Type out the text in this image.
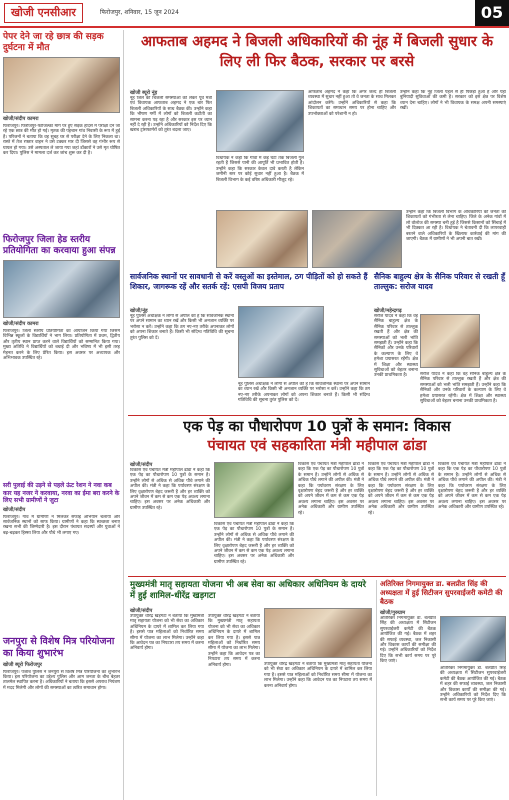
खोजी एनसीआर	फिरोजपुर, शनिवार, 15 जून 2024	05
पेपर देने जा रहे छात्र की सड़क दुर्घटना में मौत
खोजी/संदीप कामरा
फिरोजपुर। फिरोजपुर-फाजिल्का मार्ग पर हुए सड़क हादसे में परीक्षा देने जा रहे एक छात्र की मौत हो गई। मृतक की पहचान गांव निवासी के रूप में हुई है। परिजनों ने बताया कि वह सुबह घर से परीक्षा देने के लिए निकला था। रास्ते में तेज रफ्तार वाहन ने उसे टक्कर मार दी जिससे वह गंभीर रूप से घायल हो गया। उसे अस्पताल ले जाया गया जहां डॉक्टरों ने उसे मृत घोषित कर दिया। पुलिस ने मामला दर्ज कर जांच शुरू कर दी है।
फिरोजपुर जिला हेड स्तरीय प्रतियोगिता का करवाया हुआ संपन्न
खोजी/संदीप कामरा
फिरोजपुर। जिला स्तरीय प्रतियोगिता का आयोजन किया गया जिसमें विभिन्न स्कूलों के विद्यार्थियों ने भाग लिया। प्रतियोगिता में प्रथम, द्वितीय और तृतीय स्थान प्राप्त करने वाले विद्यार्थियों को सम्मानित किया गया। मुख्य अतिथि ने विद्यार्थियों को बधाई दी और भविष्य में भी इसी तरह मेहनत करने के लिए प्रेरित किया। इस अवसर पर अध्यापक और अभिभावक उपस्थित रहे।
सरी पुलाई की उड़ने से पहले ऊंट रेशन ने नवा कब कार यह नजर ने करवाया, नरवा का ईमा बरा करने के लिए सभी ग्रामीणों ने जुटा
खोजी/संदीप
फिरोजपुर। गांव में ग्रामीणों ने मिलकर सफाई अभियान चलाया और सार्वजनिक स्थानों को साफ किया। ग्रामीणों ने कहा कि स्वच्छता बनाए रखना सभी की जिम्मेदारी है। इस दौरान पंचायत सदस्यों और युवाओं ने बढ़-चढ़कर हिस्सा लिया और पौधे भी लगाए गए।
जनपुरा से विशेष मित्र परियोजना का किया शुभारंभ
खोजी ब्यूरो फिरोजपुर
फिरोजपुर। पंजाब पुलिस ने जनपुरा से विशेष मित्र परियोजना का शुभारंभ किया। इस परियोजना का उद्देश्य पुलिस और आम जनता के बीच बेहतर तालमेल स्थापित करना है। अधिकारियों ने बताया कि इससे अपराध नियंत्रण में मदद मिलेगी और लोगों की समस्याओं का त्वरित समाधान होगा।
आफताब अहमद ने बिजली अधिकारियों की नूंह में बिजली सुधार के लिए ली फिर बैठक, सरकार पर बरसे
खोजी ब्यूरो नूंह
नूंह जिले की बिजली समस्याओं को लेकर पूर्व मंत्री एवं विधायक आफताब अहमद ने एक बार फिर बिजली अधिकारियों के साथ बैठक की। उन्होंने कहा कि भीषण गर्मी में लोगों को बिजली कटौती का सामना करना पड़ रहा है और सरकार इस पर ध्यान नहीं दे रही है। उन्होंने अधिकारियों को निर्देश दिए कि खराब ट्रांसफार्मरों को तुरंत बदला जाए।
विधायक ने कहा कि गांवों में कई घंटों तक बिजली गुल रहती है जिससे पानी की आपूर्ति भी प्रभावित होती है। उन्होंने कहा कि सरकार केवल दावे करती है लेकिन जमीनी स्तर पर कोई सुधार नहीं हुआ है। बैठक में बिजली विभाग के कई वरिष्ठ अधिकारी मौजूद रहे।
आफताब अहमद ने कहा कि अगर जल्द ही बिजली व्यवस्था में सुधार नहीं हुआ तो वे जनता के साथ मिलकर आंदोलन करेंगे। उन्होंने अधिकारियों से कहा कि शिकायतों का समाधान समय पर होना चाहिए और उपभोक्ताओं को परेशानी न हो।
उन्होंने कहा कि नूंह जिला पहले से ही पिछड़ा हुआ है और यहां बुनियादी सुविधाओं की कमी है। सरकार को इस क्षेत्र पर विशेष ध्यान देना चाहिए। लोगों ने भी विधायक के समक्ष अपनी समस्याएं रखीं।
सार्वजनिक स्थानों पर सावधानी से करें वस्तुओं का इस्तेमाल, ठग पीड़ितों को हो सकते हैं शिकार, जागरूक रहें और सतर्क रहें: एसपी विजय प्रताप
खोजी/नूंह
नूंह पुलिस अधीक्षक ने लोगों से अपील की है कि सार्वजनिक स्थानों पर अपने सामान का ध्यान रखें और किसी भी अनजान व्यक्ति पर भरोसा न करें। उन्होंने कहा कि ठग नए-नए तरीके अपनाकर लोगों को अपना शिकार बनाते हैं। किसी भी संदिग्ध गतिविधि की सूचना तुरंत पुलिस को दें।
नूंह पुलिस अधीक्षक ने लोगों से अपील की है कि सार्वजनिक स्थानों पर अपने सामान का ध्यान रखें और किसी भी अनजान व्यक्ति पर भरोसा न करें। उन्होंने कहा कि ठग नए-नए तरीके अपनाकर लोगों को अपना शिकार बनाते हैं। किसी भी संदिग्ध गतिविधि की सूचना तुरंत पुलिस को दें।
उन्होंने कहा कि बिजली विभाग के अधिकारियों को जनता की शिकायतों को गंभीरता से लेना चाहिए। जिले के अनेक गांवों में लो वोल्टेज की समस्या बनी हुई है जिससे किसानों को सिंचाई में भी दिक्कत आ रही है। विधायक ने चेतावनी दी कि लापरवाही बरतने वाले अधिकारियों के खिलाफ कार्रवाई की मांग की जाएगी। बैठक में ग्रामीणों ने भी अपनी बात रखी।
सैनिक बाहुल्य क्षेत्र के सैनिक परिवार से रखती हूँ ताल्लुक: सरोज यादव
खोजी/महेन्द्रगढ़
सरोज यादव ने कहा कि वह सैनिक बाहुल्य क्षेत्र के सैनिक परिवार से ताल्लुक रखती हैं और क्षेत्र की समस्याओं को भली भांति समझती हैं। उन्होंने कहा कि सैनिकों और उनके परिवारों के कल्याण के लिए वे हमेशा प्रयासरत रहेंगी। क्षेत्र में शिक्षा और स्वास्थ्य सुविधाओं को बेहतर बनाना उनकी प्राथमिकता है।	सरोज यादव ने कहा कि वह सैनिक बाहुल्य क्षेत्र के सैनिक परिवार से ताल्लुक रखती हैं और क्षेत्र की समस्याओं को भली भांति समझती हैं। उन्होंने कहा कि सैनिकों और उनके परिवारों के कल्याण के लिए वे हमेशा प्रयासरत रहेंगी। क्षेत्र में शिक्षा और स्वास्थ्य सुविधाओं को बेहतर बनाना उनकी प्राथमिकता है।
एक पेड़ का पौधारोपण 10 पुत्रों के समान: विकास
पंचायत एवं सहकारिता मंत्री महीपाल ढांडा
खोजी/संदीप
विकास एवं पंचायत मंत्री महीपाल ढांडा ने कहा कि एक पेड़ का पौधारोपण 10 पुत्रों के समान है। उन्होंने लोगों से अधिक से अधिक पौधे लगाने की अपील की। मंत्री ने कहा कि पर्यावरण संरक्षण के लिए वृक्षारोपण बेहद जरूरी है और हर व्यक्ति को अपने जीवन में कम से कम एक पेड़ अवश्य लगाना चाहिए। इस अवसर पर अनेक अधिकारी और ग्रामीण उपस्थित रहे।
विकास एवं पंचायत मंत्री महीपाल ढांडा ने कहा कि एक पेड़ का पौधारोपण 10 पुत्रों के समान है। उन्होंने लोगों से अधिक से अधिक पौधे लगाने की अपील की। मंत्री ने कहा कि पर्यावरण संरक्षण के लिए वृक्षारोपण बेहद जरूरी है और हर व्यक्ति को अपने जीवन में कम से कम एक पेड़ अवश्य लगाना चाहिए। इस अवसर पर अनेक अधिकारी और ग्रामीण उपस्थित रहे।
विकास एवं पंचायत मंत्री महीपाल ढांडा ने कहा कि एक पेड़ का पौधारोपण 10 पुत्रों के समान है। उन्होंने लोगों से अधिक से अधिक पौधे लगाने की अपील की। मंत्री ने कहा कि पर्यावरण संरक्षण के लिए वृक्षारोपण बेहद जरूरी है और हर व्यक्ति को अपने जीवन में कम से कम एक पेड़ अवश्य लगाना चाहिए। इस अवसर पर अनेक अधिकारी और ग्रामीण उपस्थित रहे।
विकास एवं पंचायत मंत्री महीपाल ढांडा ने कहा कि एक पेड़ का पौधारोपण 10 पुत्रों के समान है। उन्होंने लोगों से अधिक से अधिक पौधे लगाने की अपील की। मंत्री ने कहा कि पर्यावरण संरक्षण के लिए वृक्षारोपण बेहद जरूरी है और हर व्यक्ति को अपने जीवन में कम से कम एक पेड़ अवश्य लगाना चाहिए। इस अवसर पर अनेक अधिकारी और ग्रामीण उपस्थित रहे।
विकास एवं पंचायत मंत्री महीपाल ढांडा ने कहा कि एक पेड़ का पौधारोपण 10 पुत्रों के समान है। उन्होंने लोगों से अधिक से अधिक पौधे लगाने की अपील की। मंत्री ने कहा कि पर्यावरण संरक्षण के लिए वृक्षारोपण बेहद जरूरी है और हर व्यक्ति को अपने जीवन में कम से कम एक पेड़ अवश्य लगाना चाहिए। इस अवसर पर अनेक अधिकारी और ग्रामीण उपस्थित रहे।
मुख्यमंत्री मातृ सहायता योजना भी अब सेवा का अधिकार अधिनियम के दायरे में हुई शामिल-धीरेंद्र खड़गटा
खोजी/संदीप
उपायुक्त धीरेंद्र खड़गटा ने बताया कि मुख्यमंत्री मातृ सहायता योजना को भी सेवा का अधिकार अधिनियम के दायरे में शामिल कर लिया गया है। इससे पात्र महिलाओं को निर्धारित समय सीमा में योजना का लाभ मिलेगा। उन्होंने कहा कि आवेदन पत्र का निपटारा तय समय में करना अनिवार्य होगा।
उपायुक्त धीरेंद्र खड़गटा ने बताया कि मुख्यमंत्री मातृ सहायता योजना को भी सेवा का अधिकार अधिनियम के दायरे में शामिल कर लिया गया है। इससे पात्र महिलाओं को निर्धारित समय सीमा में योजना का लाभ मिलेगा। उन्होंने कहा कि आवेदन पत्र का निपटारा तय समय में करना अनिवार्य होगा।	उपायुक्त धीरेंद्र खड़गटा ने बताया कि मुख्यमंत्री मातृ सहायता योजना को भी सेवा का अधिकार अधिनियम के दायरे में शामिल कर लिया गया है। इससे पात्र महिलाओं को निर्धारित समय सीमा में योजना का लाभ मिलेगा। उन्होंने कहा कि आवेदन पत्र का निपटारा तय समय में करना अनिवार्य होगा।
अतिरिक्त निगमायुक्त डा. बलप्रीत सिंह की अध्यक्षता में हुई सिटीजन सुपरवाईजरी कमेटी की बैठक
खोजी/गुरुग्राम
अतिरिक्त निगमायुक्त डा. बलप्रीत सिंह की अध्यक्षता में सिटीजन सुपरवाईजरी कमेटी की बैठक आयोजित की गई। बैठक में शहर की सफाई व्यवस्था, जल निकासी और विकास कार्यों की समीक्षा की गई। उन्होंने अधिकारियों को निर्देश दिए कि सभी कार्य समय पर पूरे किए जाएं।
अतिरिक्त निगमायुक्त डा. बलप्रीत सिंह की अध्यक्षता में सिटीजन सुपरवाईजरी कमेटी की बैठक आयोजित की गई। बैठक में शहर की सफाई व्यवस्था, जल निकासी और विकास कार्यों की समीक्षा की गई। उन्होंने अधिकारियों को निर्देश दिए कि सभी कार्य समय पर पूरे किए जाएं।
